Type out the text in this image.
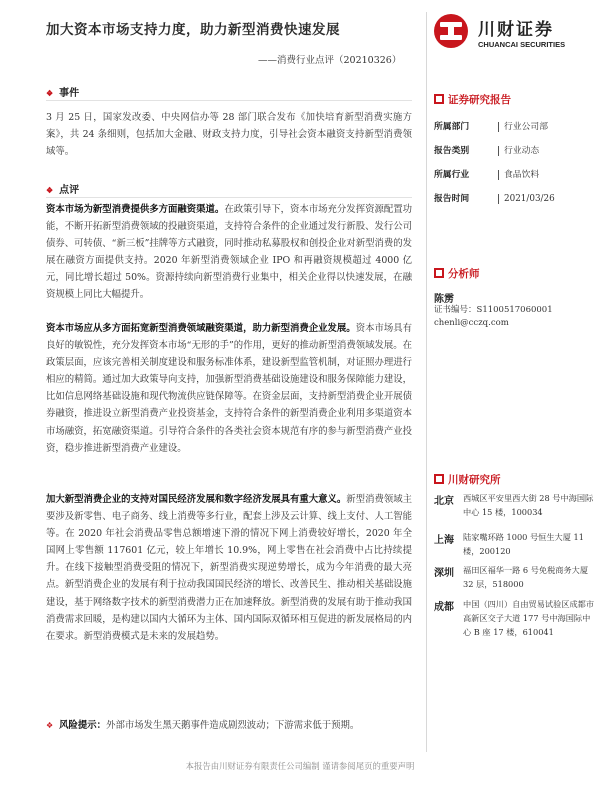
加大资本市场支持力度，助力新型消费快速发展
——消费行业点评（20210326）
川财证券
CHUANCAI SECURITIES
❖ 事件
3 月 25 日，国家发改委、中央网信办等 28 部门联合发布《加快培育新型消费实施方案》，共 24 条细则，包括加大金融、财政支持力度，引导社会资本融资支持新型消费领域等。
❖ 点评
资本市场为新型消费提供多方面融资渠道。在政策引导下，资本市场充分发挥资源配置功能，不断开拓新型消费领域的投融资渠道，支持符合条件的企业通过发行新股、发行公司债券、可转债、“新三板”挂牌等方式融资，同时推动私募股权和创投企业对新型消费的发展在融资方面提供支持。2020 年新型消费领域企业 IPO 和再融资规模超过 4000 亿元，同比增长超过 50%。资源持续向新型消费行业集中，相关企业得以快速发展，在融资规模上同比大幅提升。
资本市场应从多方面拓宽新型消费领域融资渠道，助力新型消费企业发展。资本市场具有良好的敏锐性，充分发挥资本市场“无形的手”的作用，更好的推动新型消费领域发展。在政策层面，应该完善相关制度建设和服务标准体系，建设新型监管机制，对证照办理进行相应的精简。通过加大政策导向支持，加强新型消费基础设施建设和服务保障能力建设，比如信息网络基础设施和现代物流供应链保障等。在资金层面，支持新型消费企业开展债券融资，推进设立新型消费产业投资基金，支持符合条件的新型消费企业利用多渠道资本市场融资，拓宽融资渠道。引导符合条件的各类社会资本规范有序的参与新型消费产业投资，稳步推进新型消费产业建设。
加大新型消费企业的支持对国民经济发展和数字经济发展具有重大意义。新型消费领域主要涉及新零售、电子商务、线上消费等多行业，配套上涉及云计算、线上支付、人工智能等。在 2020 年社会消费品零售总额增速下滑的情况下网上消费较好增长，2020 年全国网上零售额 117601 亿元，较上年增长 10.9%，网上零售在社会消费中占比持续提升。在线下接触型消费受阻的情况下，新型消费实现逆势增长，成为今年消费的最大亮点。新型消费企业的发展有利于拉动我国国民经济的增长、改善民生、推动相关基础设施建设，基于网络数字技术的新型消费潜力正在加速释放。新型消费的发展有助于推动我国消费需求回暖，是构建以国内大循环为主体、国内国际双循环相互促进的新发展格局的内在要求。新型消费模式是未来的发展趋势。
❖ 风险提示：外部市场发生黑天鹅事件造成剧烈波动；下游需求低于预期。
本报告由川财证券有限责任公司编制 谨请参阅尾页的重要声明
证券研究报告
所属部门	行业公司部
报告类别	行业动态
所属行业	食品饮料
报告时间	2021/03/26
分析师
陈雳
证书编号：S1100517060001
chenli@cczq.com
川财研究所
北京 西城区平安里西大街 28 号中海国际中心 15 楼，100034
上海 陆家嘴环路 1000 号恒生大厦 11 楼，200120
深圳 福田区福华一路 6 号免税商务大厦 32 层，518000
成都 中国（四川）自由贸易试验区成都市高新区交子大道 177 号中海国际中心 B 座 17 楼，610041
